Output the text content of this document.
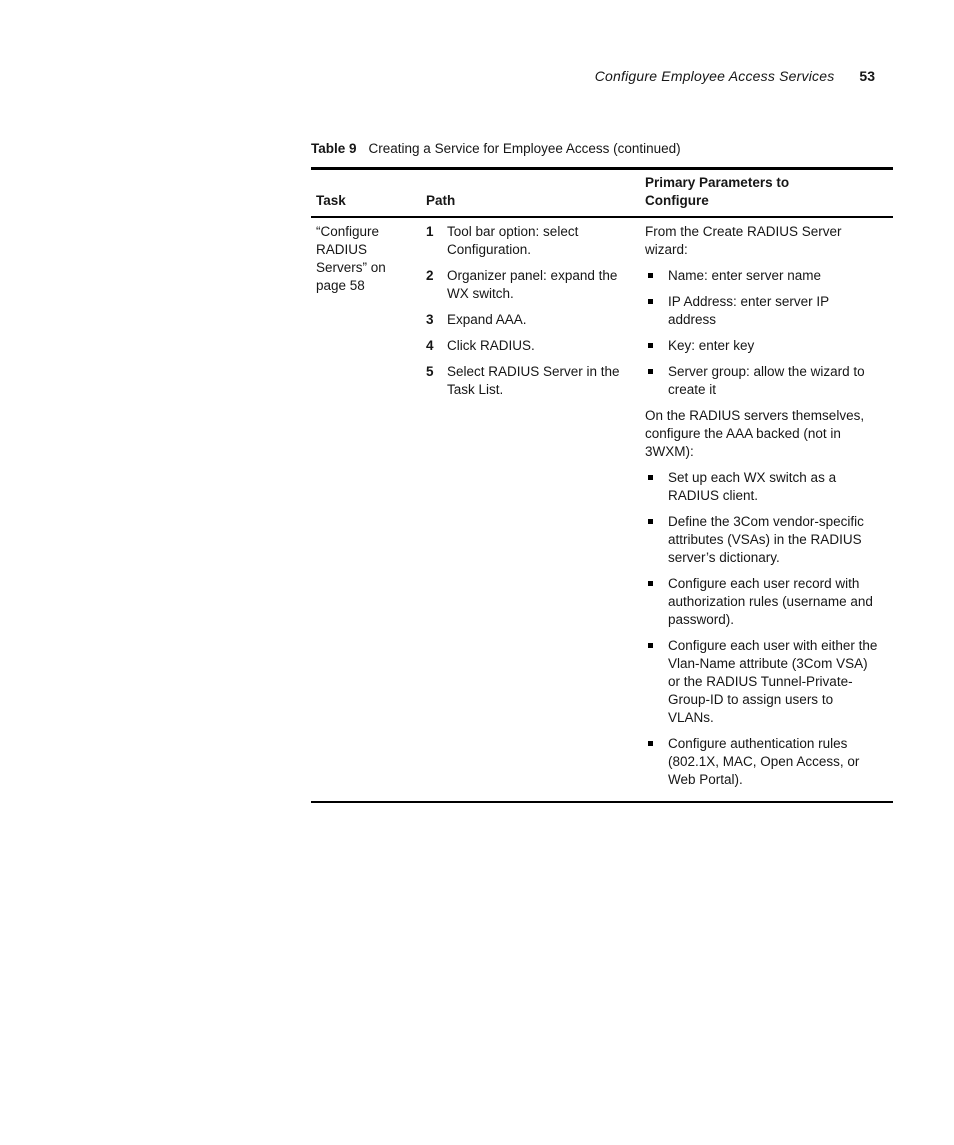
Configure Employee Access Services 53
Table 9 Creating a Service for Employee Access (continued)
Task	Path
Primary Parameters to Configure
“Configure RADIUS Servers” on page 58
1 Tool bar option: select Configuration.
2 Organizer panel: expand the WX switch.
3 Expand AAA.
4 Click RADIUS.
5 Select RADIUS Server in the Task List.
From the Create RADIUS Server wizard:
Name: enter server name
IP Address: enter server IP address
Key: enter key
Server group: allow the wizard to create it
On the RADIUS servers themselves, configure the AAA backed (not in 3WXM):
Set up each WX switch as a RADIUS client.
Define the 3Com vendor-specific attributes (VSAs) in the RADIUS server’s dictionary.
Configure each user record with authorization rules (username and password).
Configure each user with either the Vlan-Name attribute (3Com VSA) or the RADIUS Tunnel-Private-Group-ID to assign users to VLANs.
Configure authentication rules (802.1X, MAC, Open Access, or Web Portal).
